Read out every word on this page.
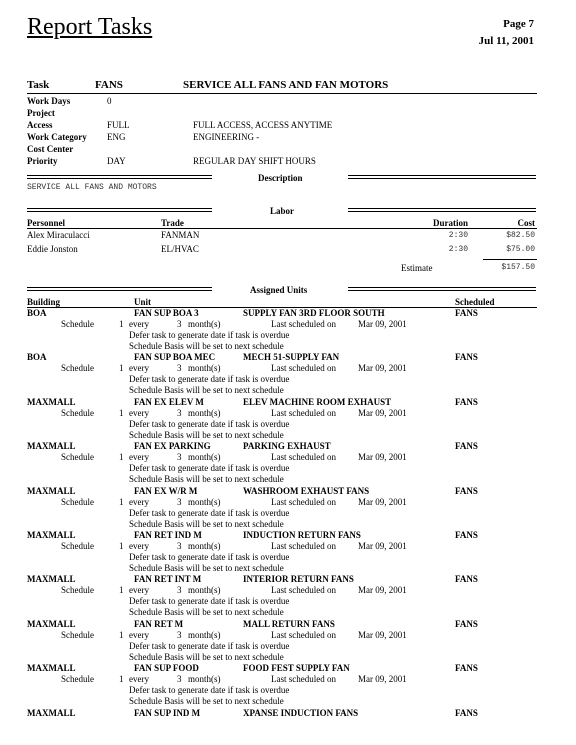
Report Tasks	Page 7
Jul 11, 2001
Task	FANS	SERVICE ALL FANS AND FAN MOTORS
Work Days	0
Project
Access	FULL	FULL ACCESS, ACCESS ANYTIME
Work Category ENG	ENGINEERING -
Cost Center
Priority	DAY	REGULAR DAY SHIFT HOURS
Description
SERVICE ALL FANS AND MOTORS
Labor
Personnel	Trade	Duration	Cost
Alex Miraculacci	FANMAN	2:30	$82.50
Eddie Jonston	EL/HVAC	2:30	$75.00
Estimate	$157.50
Assigned Units
Building	Unit	Scheduled
BOA	FAN SUP BOA 3	SUPPLY FAN 3RD FLOOR SOUTH	FANS
Schedule	1 every	3 month(s)	Last scheduled on Mar 09, 2001
Defer task to generate date if task is overdue
Schedule Basis will be set to next schedule
BOA	FAN SUP BOA MEC	MECH 51-SUPPLY FAN	FANS
Schedule	1 every	3 month(s)	Last scheduled on Mar 09, 2001
Defer task to generate date if task is overdue
Schedule Basis will be set to next schedule
MAXMALL	FAN EX ELEV M	ELEV MACHINE ROOM EXHAUST	FANS
Schedule	1 every	3 month(s)	Last scheduled on Mar 09, 2001
Defer task to generate date if task is overdue
Schedule Basis will be set to next schedule
MAXMALL	FAN EX PARKING	PARKING EXHAUST	FANS
Schedule	1 every	3 month(s)	Last scheduled on Mar 09, 2001
Defer task to generate date if task is overdue
Schedule Basis will be set to next schedule
MAXMALL	FAN EX W/R M	WASHROOM EXHAUST FANS	FANS
Schedule	1 every	3 month(s)	Last scheduled on Mar 09, 2001
Defer task to generate date if task is overdue
Schedule Basis will be set to next schedule
MAXMALL	FAN RET IND M	INDUCTION RETURN FANS	FANS
Schedule	1 every	3 month(s)	Last scheduled on Mar 09, 2001
Defer task to generate date if task is overdue
Schedule Basis will be set to next schedule
MAXMALL	FAN RET INT M	INTERIOR RETURN FANS	FANS
Schedule	1 every	3 month(s)	Last scheduled on Mar 09, 2001
Defer task to generate date if task is overdue
Schedule Basis will be set to next schedule
MAXMALL	FAN RET M	MALL RETURN FANS	FANS
Schedule	1 every	3 month(s)	Last scheduled on Mar 09, 2001
Defer task to generate date if task is overdue
Schedule Basis will be set to next schedule
MAXMALL	FAN SUP FOOD	FOOD FEST SUPPLY FAN	FANS
Schedule	1 every	3 month(s)	Last scheduled on Mar 09, 2001
Defer task to generate date if task is overdue
Schedule Basis will be set to next schedule
MAXMALL	FAN SUP IND M	XPANSE INDUCTION FANS	FANS
